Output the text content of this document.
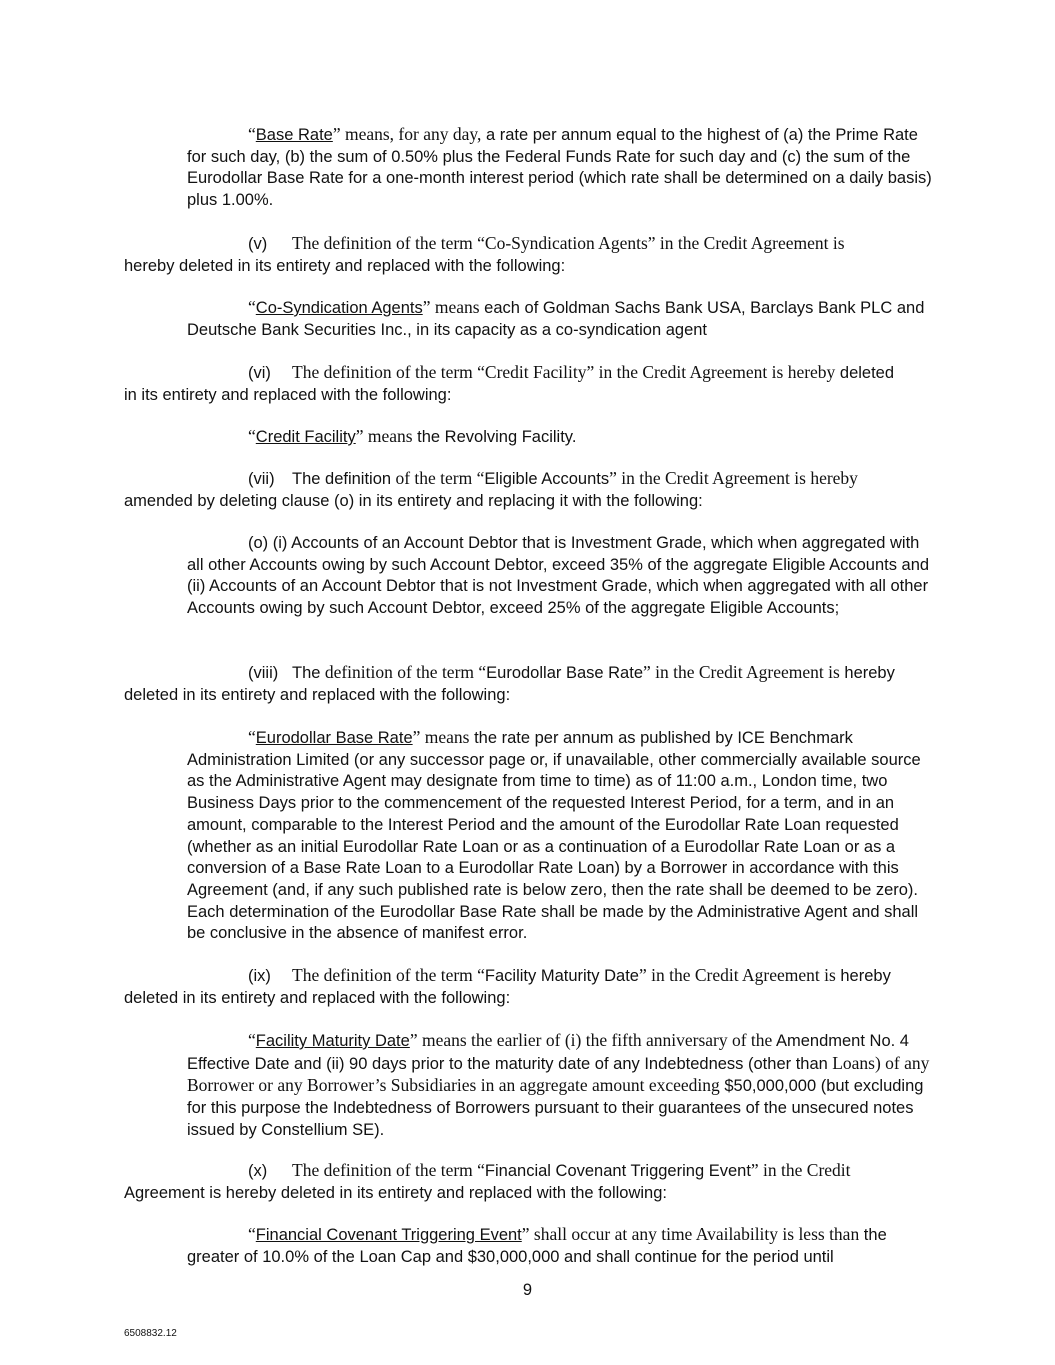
“Base Rate” means, for any day, a rate per annum equal to the highest of (a) the Prime Rate for such day, (b) the sum of 0.50% plus the Federal Funds Rate for such day and (c) the sum of the Eurodollar Base Rate for a one-month interest period (which rate shall be determined on a daily basis) plus 1.00%.

(v) The definition of the term “Co-Syndication Agents” in the Credit Agreement is hereby deleted in its entirety and replaced with the following:

“Co-Syndication Agents” means each of Goldman Sachs Bank USA, Barclays Bank PLC and Deutsche Bank Securities Inc., in its capacity as a co-syndication agent

(vi) The definition of the term “Credit Facility” in the Credit Agreement is hereby deleted in its entirety and replaced with the following:

“Credit Facility” means the Revolving Facility.

(vii) The definition of the term “Eligible Accounts” in the Credit Agreement is hereby amended by deleting clause (o) in its entirety and replacing it with the following:

(o) (i) Accounts of an Account Debtor that is Investment Grade, which when aggregated with all other Accounts owing by such Account Debtor, exceed 35% of the aggregate Eligible Accounts and (ii) Accounts of an Account Debtor that is not Investment Grade, which when aggregated with all other Accounts owing by such Account Debtor, exceed 25% of the aggregate Eligible Accounts;

(viii) The definition of the term “Eurodollar Base Rate” in the Credit Agreement is hereby deleted in its entirety and replaced with the following:

“Eurodollar Base Rate” means the rate per annum as published by ICE Benchmark Administration Limited (or any successor page or, if unavailable, other commercially available source as the Administrative Agent may designate from time to time) as of 11:00 a.m., London time, two Business Days prior to the commencement of the requested Interest Period, for a term, and in an amount, comparable to the Interest Period and the amount of the Eurodollar Rate Loan requested (whether as an initial Eurodollar Rate Loan or as a continuation of a Eurodollar Rate Loan or as a conversion of a Base Rate Loan to a Eurodollar Rate Loan) by a Borrower in accordance with this Agreement (and, if any such published rate is below zero, then the rate shall be deemed to be zero). Each determination of the Eurodollar Base Rate shall be made by the Administrative Agent and shall be conclusive in the absence of manifest error.

(ix) The definition of the term “Facility Maturity Date” in the Credit Agreement is hereby deleted in its entirety and replaced with the following:

“Facility Maturity Date” means the earlier of (i) the fifth anniversary of the Amendment No. 4 Effective Date and (ii) 90 days prior to the maturity date of any Indebtedness (other than Loans) of any Borrower or any Borrower’s Subsidiaries in an aggregate amount exceeding $50,000,000 (but excluding for this purpose the Indebtedness of Borrowers pursuant to their guarantees of the unsecured notes issued by Constellium SE).

(x) The definition of the term “Financial Covenant Triggering Event” in the Credit Agreement is hereby deleted in its entirety and replaced with the following:

“Financial Covenant Triggering Event” shall occur at any time Availability is less than the greater of 10.0% of the Loan Cap and $30,000,000 and shall continue for the period until

9
6508832.12
